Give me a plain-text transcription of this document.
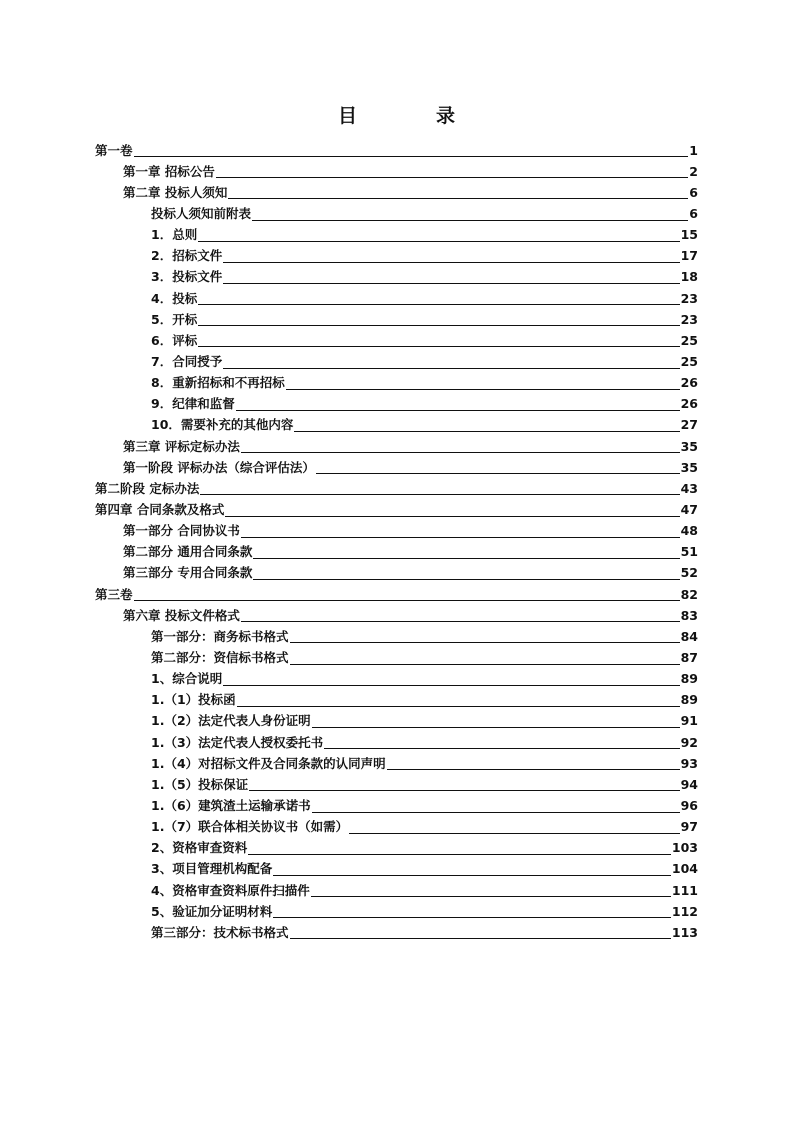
目　录
第一卷	1
第一章 招标公告	2
第二章 投标人须知	6
投标人须知前附表	6
1．总则	15
2．招标文件	17
3．投标文件	18
4．投标	23
5．开标	23
6．评标	25
7．合同授予	25
8．重新招标和不再招标	26
9．纪律和监督	26
10．需要补充的其他内容	27
第三章 评标定标办法	35
第一阶段 评标办法（综合评估法）	35
第二阶段 定标办法	43
第四章 合同条款及格式	47
第一部分 合同协议书	48
第二部分 通用合同条款	51
第三部分 专用合同条款	52
第三卷	82
第六章 投标文件格式	83
第一部分：商务标书格式	84
第二部分：资信标书格式	87
1、综合说明	89
1.（1）投标函	89
1.（2）法定代表人身份证明	91
1.（3）法定代表人授权委托书	92
1.（4）对招标文件及合同条款的认同声明	93
1.（5）投标保证	94
1.（6）建筑渣土运输承诺书	96
1.（7）联合体相关协议书（如需）	97
2、资格审查资料	103
3、项目管理机构配备	104
4、资格审查资料原件扫描件	111
5、验证加分证明材料	112
第三部分：技术标书格式	113
